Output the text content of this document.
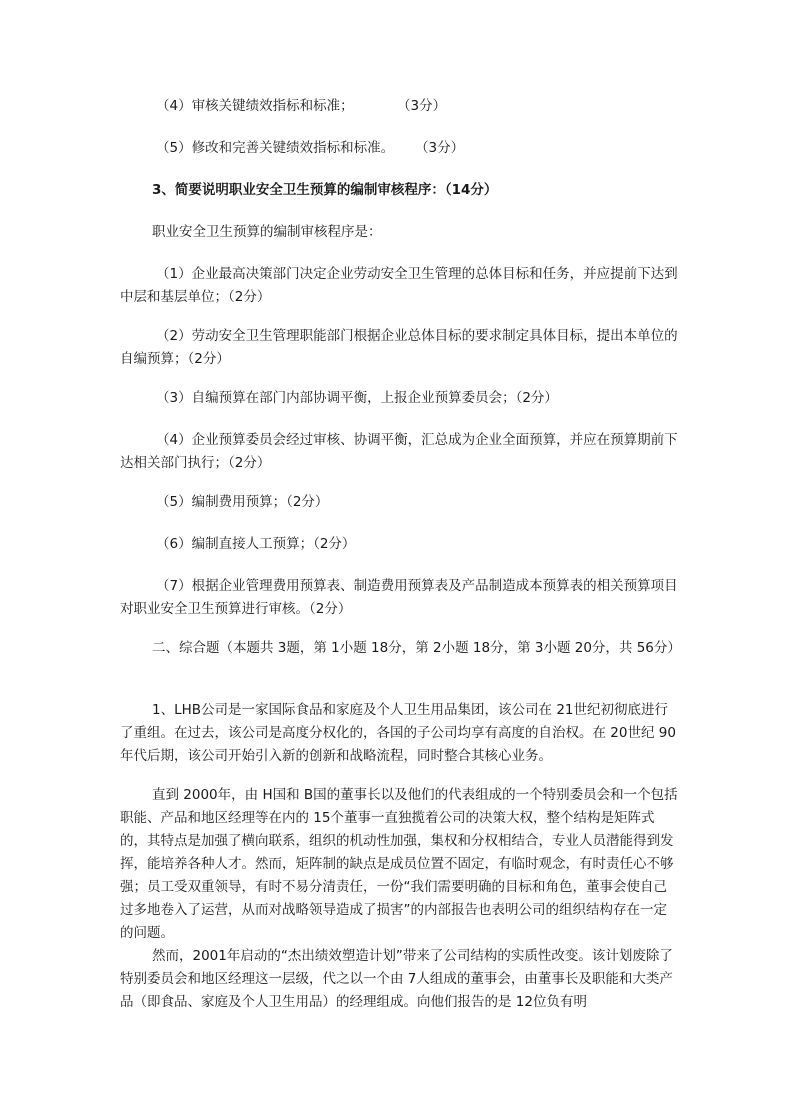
（4）审核关键绩效指标和标准；	（3分）
（5）修改和完善关键绩效指标和标准。 （3分）

3、简要说明职业安全卫生预算的编制审核程序：（14分）

职业安全卫生预算的编制审核程序是：

（1）企业最高决策部门决定企业劳动安全卫生管理的总体目标和任务，并应提前下达到中层和基层单位；（2分）

（2）劳动安全卫生管理职能部门根据企业总体目标的要求制定具体目标，提出本单位的自编预算；（2分）

（3）自编预算在部门内部协调平衡，上报企业预算委员会；（2分）

（4）企业预算委员会经过审核、协调平衡，汇总成为企业全面预算，并应在预算期前下达相关部门执行；（2分）

（5）编制费用预算；（2分）

（6）编制直接人工预算；（2分）

（7）根据企业管理费用预算表、制造费用预算表及产品制造成本预算表的相关预算项目对职业安全卫生预算进行审核。（2分）

二、综合题（本题共 3题，第 1小题 18分，第 2小题 18分，第 3小题 20分，共 56分）

1、LHB公司是一家国际食品和家庭及个人卫生用品集团，该公司在 21世纪初彻底进行了重组。在过去，该公司是高度分权化的，各国的子公司均享有高度的自治权。在 20世纪 90年代后期，该公司开始引入新的创新和战略流程，同时整合其核心业务。

直到 2000年，由 H国和 B国的董事长以及他们的代表组成的一个特别委员会和一个包括职能、产品和地区经理等在内的 15个董事一直独揽着公司的决策大权，整个结构是矩阵式的，其特点是加强了横向联系，组织的机动性加强，集权和分权相结合，专业人员潜能得到发挥，能培养各种人才。然而，矩阵制的缺点是成员位置不固定，有临时观念，有时责任心不够强；员工受双重领导，有时不易分清责任，一份“我们需要明确的目标和角色，董事会使自己过多地卷入了运营，从而对战略领导造成了损害”的内部报告也表明公司的组织结构存在一定的问题。

然而，2001年启动的“杰出绩效塑造计划”带来了公司结构的实质性改变。该计划废除了特别委员会和地区经理这一层级，代之以一个由 7人组成的董事会，由董事长及职能和大类产品（即食品、家庭及个人卫生用品）的经理组成。向他们报告的是 12位负有明
